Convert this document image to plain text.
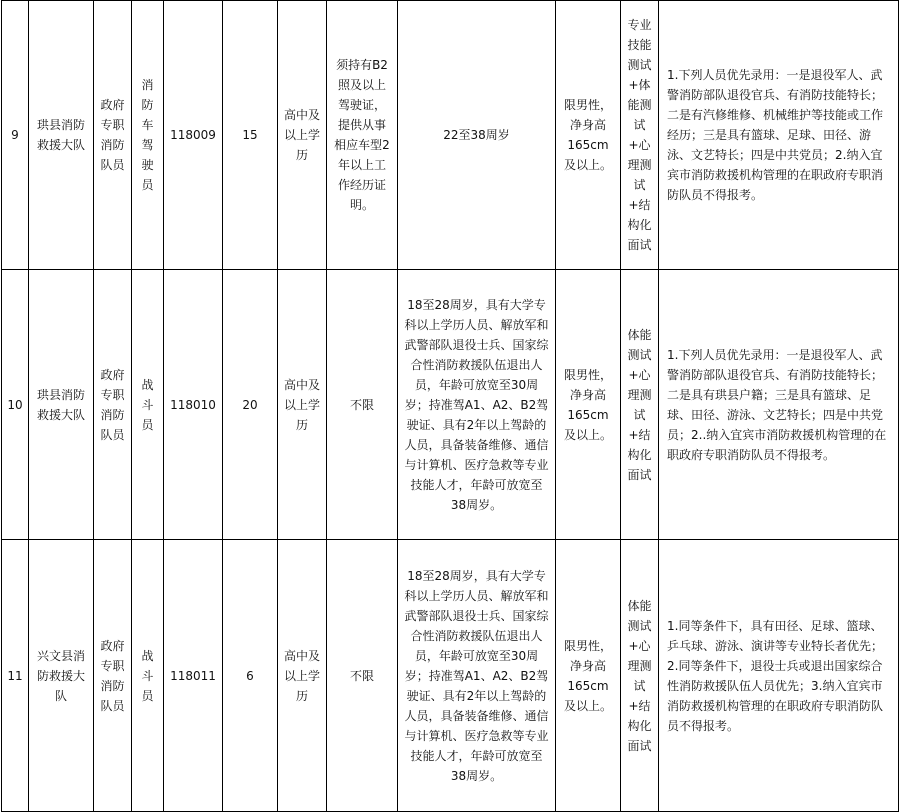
9	珙县消防救援大队	政府专职消防队员	消防车驾驶员	118009	15	高中及以上学历	须持有B2照及以上驾驶证，提供从事相应车型2年以上工作经历证明。	22至38周岁	限男性，净身高165cm及以上。	专业技能测试+体能测试+心理测试+结构化面试	1.下列人员优先录用：一是退役军人、武警消防部队退役官兵、有消防技能特长；二是有汽修维修、机械维护等技能或工作经历；三是具有篮球、足球、田径、游泳、文艺特长；四是中共党员；2.纳入宜宾市消防救援机构管理的在职政府专职消防队员不得报考。
10	珙县消防救援大队	政府专职消防队员	战斗员	118010	20	高中及以上学历	不限	18至28周岁，具有大学专科以上学历人员、解放军和武警部队退役士兵、国家综合性消防救援队伍退出人员，年龄可放宽至30周岁；持准驾A1、A2、B2驾驶证、具有2年以上驾龄的人员，具备装备维修、通信与计算机、医疗急救等专业技能人才，年龄可放宽至38周岁。	限男性，净身高165cm及以上。	体能测试+心理测试+结构化面试	1.下列人员优先录用：一是退役军人、武警消防部队退役官兵、有消防技能特长；二是具有珙县户籍；三是具有篮球、足球、田径、游泳、文艺特长；四是中共党员；2..纳入宜宾市消防救援机构管理的在职政府专职消防队员不得报考。
11	兴文县消防救援大队	政府专职消防队员	战斗员	118011	6	高中及以上学历	不限	18至28周岁，具有大学专科以上学历人员、解放军和武警部队退役士兵、国家综合性消防救援队伍退出人员，年龄可放宽至30周岁；持准驾A1、A2、B2驾驶证、具有2年以上驾龄的人员，具备装备维修、通信与计算机、医疗急救等专业技能人才，年龄可放宽至38周岁。	限男性，净身高165cm及以上。	体能测试+心理测试+结构化面试	1.同等条件下，具有田径、足球、篮球、乒乓球、游泳、演讲等专业特长者优先；2.同等条件下，退役士兵或退出国家综合性消防救援队伍人员优先；3.纳入宜宾市消防救援机构管理的在职政府专职消防队员不得报考。
